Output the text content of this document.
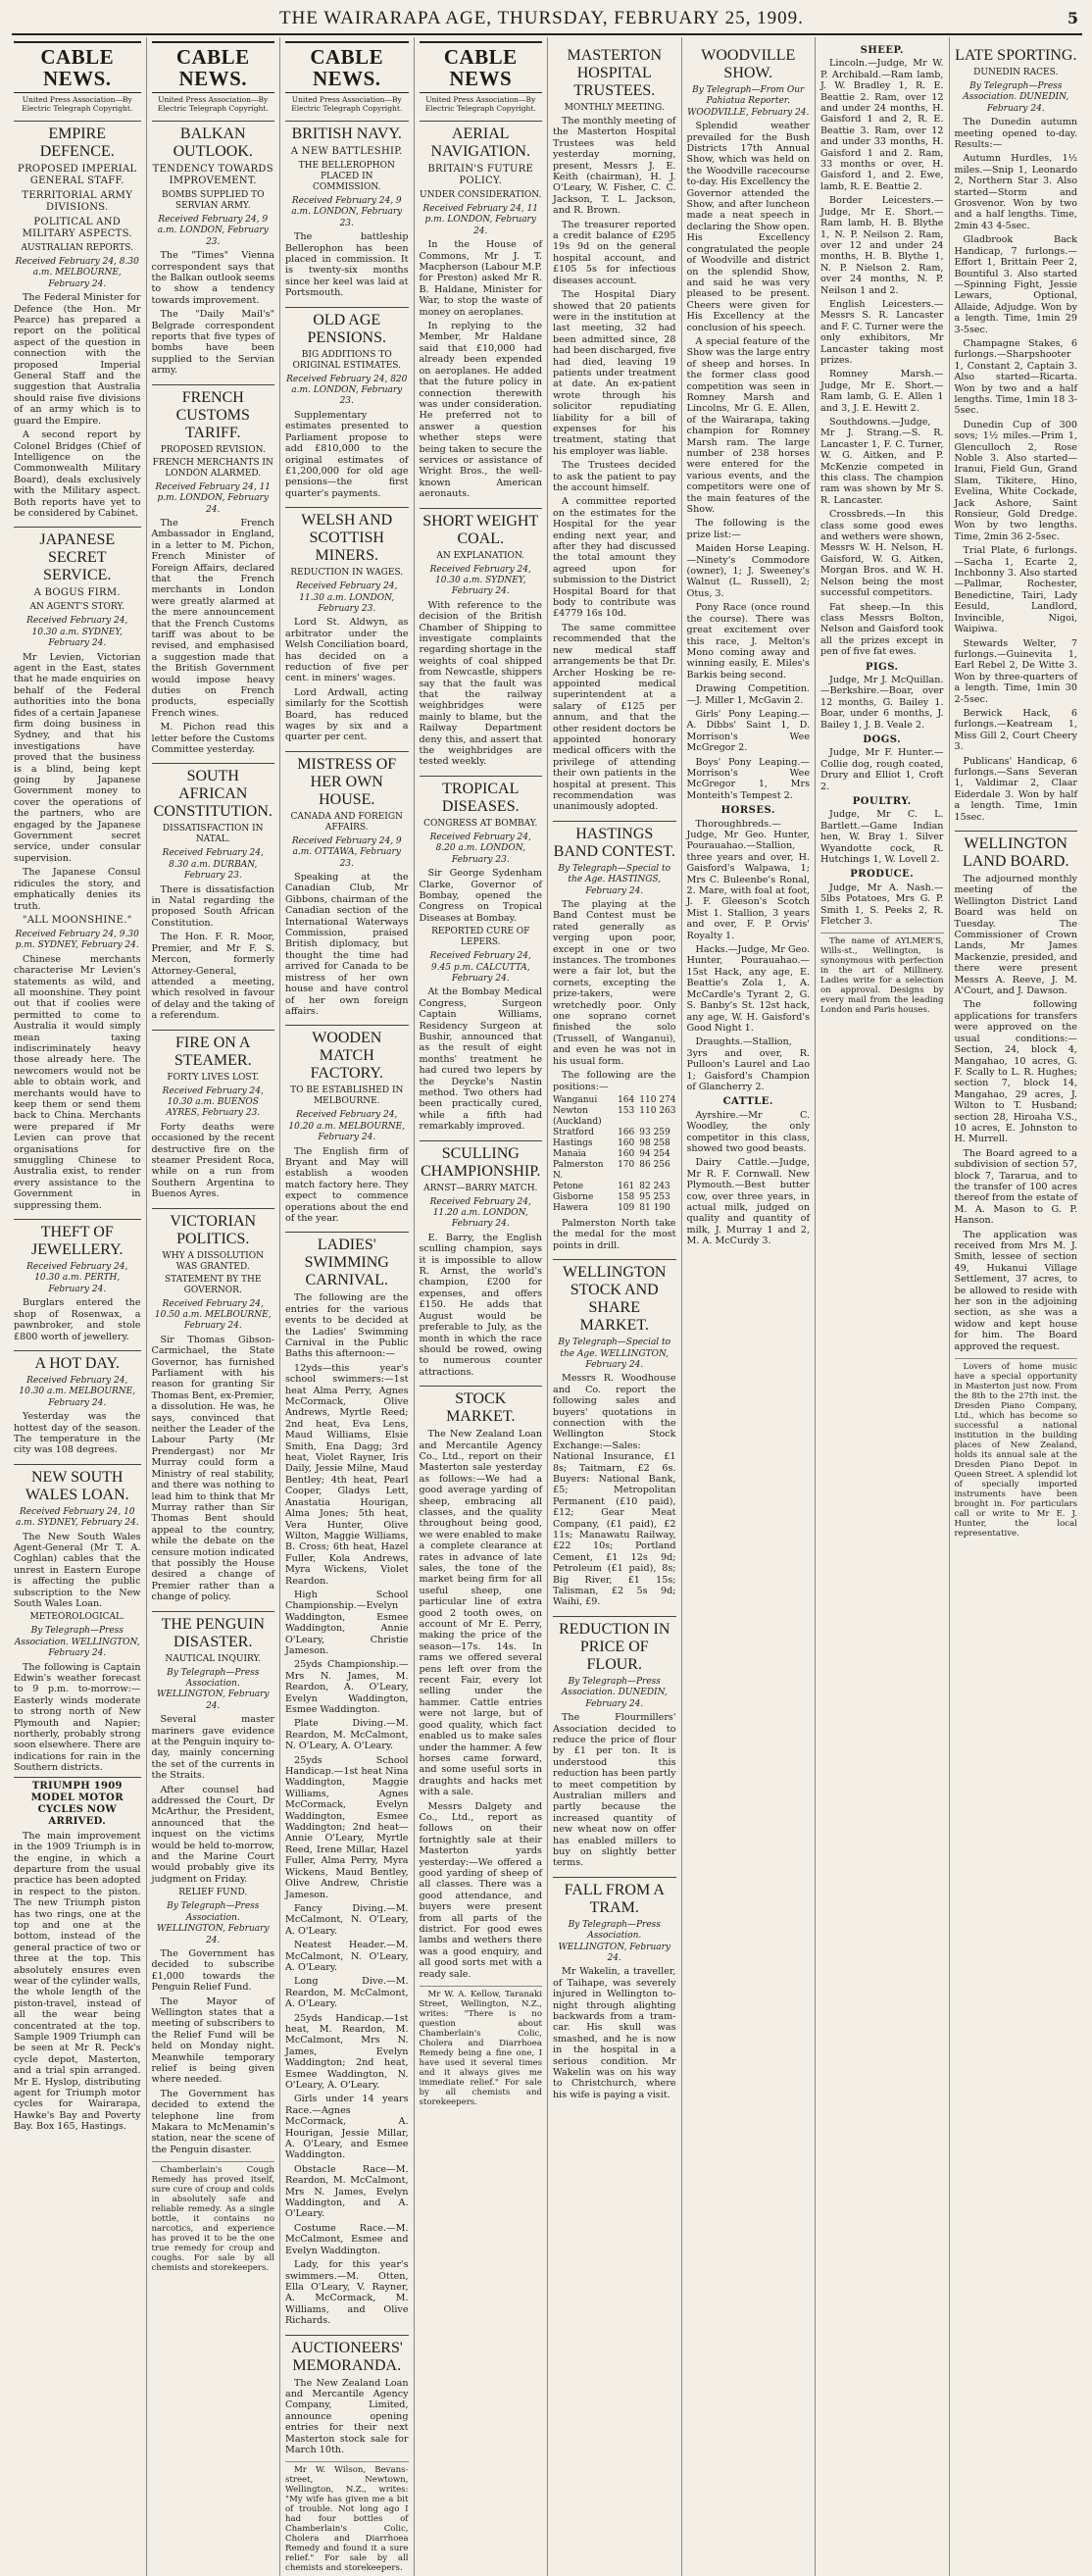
THE WAIRARAPA AGE, THURSDAY, FEBRUARY 25, 1909.	5
CABLE NEWS.
United Press Association—By Electric Telegraph Copyright.
EMPIRE DEFENCE.
PROPOSED IMPERIAL GENERAL STAFF.
TERRITORIAL ARMY DIVISIONS.
POLITICAL AND MILITARY ASPECTS.
AUSTRALIAN REPORTS.
Received February 24, 8.30 a.m. MELBOURNE, February 24.

The Federal Minister for Defence (the Hon. Mr Pearce) has prepared a report on the political aspect of the question in connection with the proposed Imperial General Staff and the suggestion that Australia should raise five divisions of an army which is to guard the Empire.

A second report by Colonel Bridges (Chief of Intelligence on the Commonwealth Military Board), deals exclusively with the Military aspect. Both reports have yet to be considered by Cabinet.

JAPANESE SECRET SERVICE.
A BOGUS FIRM.
AN AGENT'S STORY.
Received February 24, 10.30 a.m. SYDNEY, February 24.

Mr Levien, Victorian agent in the East, states that he made enquiries on behalf of the Federal authorities into the bona fides of a certain Japanese firm doing business in Sydney, and that his investigations have proved that the business is a blind, being kept going by Japanese Government money to cover the operations of the partners, who are engaged by the Japanese Government secret service, under consular supervision.

The Japanese Consul ridicules the story, and emphatically denies its truth.

"ALL MOONSHINE."
Received February 24, 9.30 p.m. SYDNEY, February 24.

Chinese merchants characterise Mr Levien's statements as wild, and all moonshine. They point out that if coolies were permitted to come to Australia it would simply mean taxing indiscriminately heavy those already here. The newcomers would not be able to obtain work, and merchants would have to keep them or send them back to China. Merchants were prepared if Mr Levien can prove that organisations for smuggling Chinese to Australia exist, to render every assistance to the Government in suppressing them.

THEFT OF JEWELLERY.
Received February 24, 10.30 a.m. PERTH, February 24.

Burglars entered the shop of Rosenwax, a pawnbroker, and stole £800 worth of jewellery.

A HOT DAY.
Received February 24, 10.30 a.m. MELBOURNE, February 24.

Yesterday was the hottest day of the season. The temperature in the city was 108 degrees.

NEW SOUTH WALES LOAN.
Received February 24, 10 a.m. SYDNEY, February 24.

The New South Wales Agent-General (Mr T. A. Coghlan) cables that the unrest in Eastern Europe is affecting the public subscription to the New South Wales Loan.

METEOROLOGICAL.
By Telegraph—Press Association. WELLINGTON, February 24.

The following is Captain Edwin's weather forecast to 9 p.m. to-morrow:—Easterly winds moderate to strong north of New Plymouth and Napier; northerly, probably strong soon elsewhere. There are indications for rain in the Southern districts.

TRIUMPH 1909 MODEL MOTOR CYCLES NOW ARRIVED.

The main improvement in the 1909 Triumph is in the engine, in which a departure from the usual practice has been adopted in respect to the piston. The new Triumph piston has two rings, one at the top and one at the bottom, instead of the general practice of two or three at the top. This absolutely ensures even wear of the cylinder walls, the whole length of the piston-travel, instead of all the wear being concentrated at the top. Sample 1909 Triumph can be seen at Mr R. Peck's cycle depot, Masterton, and a trial spin arranged. Mr E. Hyslop, distributing agent for Triumph motor cycles for Wairarapa, Hawke's Bay and Poverty Bay. Box 165, Hastings.

CABLE NEWS.
United Press Association—By Electric Telegraph Copyright.
BALKAN OUTLOOK.
TENDENCY TOWARDS IMPROVEMENT.
BOMBS SUPPLIED TO SERVIAN ARMY.
Received February 24, 9 a.m. LONDON, February 23.

The "Times" Vienna correspondent says that the Balkan outlook seems to show a tendency towards improvement.

The "Daily Mail's" Belgrade correspondent reports that five types of bombs have been supplied to the Servian army.

FRENCH CUSTOMS TARIFF.
PROPOSED REVISION.
FRENCH MERCHANTS IN LONDON ALARMED.
Received February 24, 11 p.m. LONDON, February 24.

The French Ambassador in England, in a letter to M. Pichon, French Minister of Foreign Affairs, declared that the French merchants in London were greatly alarmed at the mere announcement that the French Customs tariff was about to be revised, and emphasised a suggestion made that the British Government would impose heavy duties on French products, especially French wines.

M. Pichon read this letter before the Customs Committee yesterday.

SOUTH AFRICAN CONSTITUTION.
DISSATISFACTION IN NATAL.
Received February 24, 8.30 a.m. DURBAN, February 23.

There is dissatisfaction in Natal regarding the proposed South African Constitution.

The Hon. F. R. Moor, Premier, and Mr F. S. Mercon, formerly Attorney-General, attended a meeting, which resolved in favour of delay and the taking of a referendum.

FIRE ON A STEAMER.
FORTY LIVES LOST.
Received February 24, 10.30 a.m. BUENOS AYRES, February 23.

Forty deaths were occasioned by the recent destructive fire on the steamer President Roca, while on a run from Southern Argentina to Buenos Ayres.

VICTORIAN POLITICS.
WHY A DISSOLUTION WAS GRANTED.
STATEMENT BY THE GOVERNOR.
Received February 24, 10.50 a.m. MELBOURNE, February 24.

Sir Thomas Gibson-Carmichael, the State Governor, has furnished Parliament with his reason for granting Sir Thomas Bent, ex-Premier, a dissolution. He was, he says, convinced that neither the Leader of the Labour Party (Mr Prendergast) nor Mr Murray could form a Ministry of real stability, and there was nothing to lead him to think that Mr Murray rather than Sir Thomas Bent should appeal to the country, while the debate on the censure motion indicated that possibly the House desired a change of Premier rather than a change of policy.

THE PENGUIN DISASTER.
NAUTICAL INQUIRY.
By Telegraph—Press Association. WELLINGTON, February 24.

Several master mariners gave evidence at the Penguin inquiry to-day, mainly concerning the set of the currents in the Straits.

After counsel had addressed the Court, Dr McArthur, the President, announced that the inquest on the victims would be held to-morrow, and the Marine Court would probably give its judgment on Friday.

RELIEF FUND.
By Telegraph—Press Association. WELLINGTON, February 24.

The Government has decided to subscribe £1,000 towards the Penguin Relief Fund.

The Mayor of Wellington states that a meeting of subscribers to the Relief Fund will be held on Monday night. Meanwhile temporary relief is being given where needed.

The Government has decided to extend the telephone line from Makara to McMenamin's station, near the scene of the Penguin disaster.

Chamberlain's Cough Remedy has proved itself, sure cure of croup and colds in absolutely safe and reliable remedy. As a single bottle, it contains no narcotics, and experience has proved it to be the one true remedy for croup and coughs. For sale by all chemists and storekeepers.

CABLE NEWS.
United Press Association—By Electric Telegraph Copyright.
BRITISH NAVY.
A NEW BATTLESHIP.
THE BELLEROPHON PLACED IN COMMISSION.
Received February 24, 9 a.m. LONDON, February 23.

The battleship Bellerophon has been placed in commission. It is twenty-six months since her keel was laid at Portsmouth.

OLD AGE PENSIONS.
BIG ADDITIONS TO ORIGINAL ESTIMATES.
Received February 24, 820 a.m. LONDON, February 23.

Supplementary estimates presented to Parliament propose to add £810,000 to the original estimates of £1,200,000 for old age pensions—the first quarter's payments.

WELSH AND SCOTTISH MINERS.
REDUCTION IN WAGES.
Received February 24, 11.30 a.m. LONDON, February 23.

Lord St. Aldwyn, as arbitrator under the Welsh Conciliation board, has decided on a reduction of five per cent. in miners' wages.

Lord Ardwall, acting similarly for the Scottish Board, has reduced wages by six and a quarter per cent.

MISTRESS OF HER OWN HOUSE.
CANADA AND FOREIGN AFFAIRS.
Received February 24, 9 a.m. OTTAWA, February 23.

Speaking at the Canadian Club, Mr Gibbons, chairman of the Canadian section of the International Waterways Commission, praised British diplomacy, but thought the time had arrived for Canada to be mistress of her own house and have control of her own foreign affairs.

WOODEN MATCH FACTORY.
TO BE ESTABLISHED IN MELBOURNE.
Received February 24, 10.20 a.m. MELBOURNE, February 24.

The English firm of Bryant and May will establish a wooden match factory here. They expect to commence operations about the end of the year.

LADIES' SWIMMING CARNIVAL.

The following are the entries for the various events to be decided at the Ladies' Swimming Carnival in the Public Baths this afternoon:—

12yds—this year's school swimmers:—1st heat Alma Perry, Agnes McCormack, Olive Andrews, Myrtle Reed; 2nd heat, Eva Lens, Maud Williams, Elsie Smith, Ena Dagg; 3rd heat, Violet Rayner, Iris Daily, Jessie Milne, Maud Bentley; 4th heat, Pearl Cooper, Gladys Lett, Anastatia Hourigan, Alma Jones; 5th heat, Vera Hunter, Olive Wilton, Maggie Williams, B. Cross; 6th heat, Hazel Fuller, Kola Andrews, Myra Wickens, Violet Reardon.

High School Championship.—Evelyn Waddington, Esmee Waddington, Annie O'Leary, Christie Jameson.

25yds Championship.—Mrs N. James, M. Reardon, A. O'Leary, Evelyn Waddington, Esmee Waddington.

Plate Diving.—M. Reardon, M. McCalmont, N. O'Leary, A. O'Leary.

25yds School Handicap.—1st heat Nina Waddington, Maggie Williams, Agnes McCormack, Evelyn Waddington, Esmee Waddington; 2nd heat—Annie O'Leary, Myrtle Reed, Irene Millar, Hazel Fuller, Alma Perry, Myra Wickens, Maud Bentley, Olive Andrew, Christie Jameson.

Fancy Diving.—M. McCalmont, N. O'Leary, A. O'Leary.

Neatest Header.—M. McCalmont, N. O'Leary, A. O'Leary.

Long Dive.—M. Reardon, M. McCalmont, A. O'Leary.

25yds Handicap.—1st heat, M. Reardon, M. McCalmont, Mrs N. James, Evelyn Waddington; 2nd heat, Esmee Waddington, N. O'Leary, A. O'Leary.

Girls under 14 years Race.—Agnes McCormack, A. Hourigan, Jessie Millar, A. O'Leary, and Esmee Waddington.

Obstacle Race—M. Reardon, M. McCalmont, Mrs N. James, Evelyn Waddington, and A. O'Leary.

Costume Race.—M. McCalmont, Esmee and Evelyn Waddington.

Lady, for this year's swimmers.—M. Otten, Ella O'Leary, V. Rayner, A. McCormack, M. Williams, and Olive Richards.

AUCTIONEERS' MEMORANDA.

The New Zealand Loan and Mercantile Agency Company, Limited, announce opening entries for their next Masterton stock sale for March 10th.

Mr W. Wilson, Bevans-street, Newtown, Wellington, N.Z., writes: "My wife has given me a bit of trouble. Not long ago I had four bottles of Chamberlain's Colic, Cholera and Diarrhoea Remedy and found it a sure relief." For sale by all chemists and storekeepers.

CABLE NEWS
United Press Association—By Electric Telegraph Copyright.
AERIAL NAVIGATION.
BRITAIN'S FUTURE POLICY.
UNDER CONSIDERATION.
Received February 24, 11 p.m. LONDON, February 24.

In the House of Commons, Mr J. T. Macpherson (Labour M.P. for Preston) asked Mr R. B. Haldane, Minister for War, to stop the waste of money on aeroplanes.

In replying to the Member, Mr Haldane said that £10,000 had already been expended on aeroplanes. He added that the future policy in connection therewith was under consideration. He preferred not to answer a question whether steps were being taken to secure the services or assistance of Wright Bros., the well-known American aeronauts.

SHORT WEIGHT COAL.
AN EXPLANATION.
Received February 24, 10.30 a.m. SYDNEY, February 24.

With reference to the decision of the British Chamber of Shipping to investigate complaints regarding shortage in the weights of coal shipped from Newcastle, shippers say that the fault was that the railway weighbridges were mainly to blame, but the Railway Department deny this, and assert that the weighbridges are tested weekly.

TROPICAL DISEASES.
CONGRESS AT BOMBAY.
Received February 24, 8.20 a.m. LONDON, February 23.

Sir George Sydenham Clarke, Governor of Bombay, opened the Congress on Tropical Diseases at Bombay.

REPORTED CURE OF LEPERS.
Received February 24, 9.45 p.m. CALCUTTA, February 24.

At the Bombay Medical Congress, Surgeon Captain Williams, Residency Surgeon at Bushir, announced that as the result of eight months' treatment he had cured two lepers by the Deycke's Nastin method. Two others had been practically cured, while a fifth had remarkably improved.

SCULLING CHAMPIONSHIP.
ARNST—BARRY MATCH.
Received February 24, 11.20 a.m. LONDON, February 24.

E. Barry, the English sculling champion, says it is impossible to allow R. Arnst, the world's champion, £200 for expenses, and offers £150. He adds that August would be preferable to July, as the month in which the race should be rowed, owing to numerous counter attractions.

STOCK MARKET.

The New Zealand Loan and Mercantile Agency Co., Ltd., report on their Masterton sale yesterday as follows:—We had a good average yarding of sheep, embracing all classes, and the quality throughout being good, we were enabled to make a complete clearance at rates in advance of late sales, the tone of the market being firm for all useful sheep, one particular line of extra good 2 tooth owes, on account of Mr E. Perry, making the price of the season—17s. 14s. In rams we offered several pens left over from the recent Fair, every lot selling under the hammer. Cattle entries were not large, but of good quality, which fact enabled us to make sales under the hammer. A few horses came forward, and some useful sorts in draughts and hacks met with a sale.

Messrs Dalgety and Co., Ltd., report as follows on their fortnightly sale at their Masterton yards yesterday:—We offered a good yarding of sheep of all classes. There was a good attendance, and buyers were present from all parts of the district. For good ewes lambs and wethers there was a good enquiry, and all good sorts met with a ready sale.

Mr W. A. Kellow, Taranaki Street, Wellington, N.Z., writes: "There is no question about Chamberlain's Colic, Cholera and Diarrhoea Remedy being a fine one, I have used it several times and it always gives me immediate relief." For sale by all chemists and storekeepers.

MASTERTON HOSPITAL TRUSTEES.
MONTHLY MEETING.

The monthly meeting of the Masterton Hospital Trustees was held yesterday morning, present, Messrs J. E. Keith (chairman), H. J. O'Leary, W. Fisher, C. C. Jackson, T. L. Jackson, and R. Brown.

The treasurer reported a credit balance of £295 19s 9d on the general hospital account, and £105 5s for infectious diseases account.

The Hospital Diary showed that 20 patients were in the institution at last meeting, 32 had been admitted since, 28 had been discharged, five had died, leaving 19 patients under treatment at date. An ex-patient wrote through his solicitor repudiating liability for a bill of expenses for his treatment, stating that his employer was liable.

The Trustees decided to ask the patient to pay the account himself.

A committee reported on the estimates for the Hospital for the year ending next year, and after they had discussed the total amount they agreed upon for submission to the District Hospital Board for that body to contribute was £4779 16s 10d.

The same committee recommended that the new medical staff arrangements be that Dr. Archer Hosking be re-appointed medical superintendent at a salary of £125 per annum, and that the other resident doctors be appointed honorary medical officers with the privilege of attending their own patients in the hospital at present. This recommendation was unanimously adopted.

HASTINGS BAND CONTEST.
By Telegraph—Special to the Age. HASTINGS, February 24.

The playing at the Band Contest must be rated generally as verging upon poor, except in one or two instances. The trombones were a fair lot, but the cornets, excepting the prize-takers, were wretchedly poor. Only one soprano cornet finished the solo (Trussell, of Wanganui), and even he was not in his usual form.

The following are the positions:—

Wanganui	164 110 274
Newton (Auckland)
153 110 263
Stratford	166 93 259
Hastings	160 98 258
Manaia	160 94 254
Palmerston N.
170 86 256
Petone	161 82 243
Gisborne	158 95 253
Hawera	109 81 190

Palmerston North take the medal for the most points in drill.

WELLINGTON STOCK AND SHARE MARKET.
By Telegraph—Special to the Age. WELLINGTON, February 24.

Messrs R. Woodhouse and Co. report the following sales and buyers' quotations in connection with the Wellington Stock Exchange:—Sales: National Insurance, £1 8s; Taitmarn, £2 6s. Buyers: National Bank, £5; Metropolitan Permanent (£10 paid), £12; Gear Meat Company, (£1 paid), £2 11s; Manawatu Railway, £22 10s; Portland Cement, £1 12s 9d; Petroleum (£1 paid), 8s; Big River, £1 15s; Talisman, £2 5s 9d; Waihi, £9.

REDUCTION IN PRICE OF FLOUR.
By Telegraph—Press Association. DUNEDIN, February 24.

The Flourmillers' Association decided to reduce the price of flour by £1 per ton. It is understood this reduction has been partly to meet competition by Australian millers and partly because the increased quantity of new wheat now on offer has enabled millers to buy on slightly better terms.

FALL FROM A TRAM.
By Telegraph—Press Association. WELLINGTON, February 24.

Mr Wakelin, a traveller, of Taihape, was severely injured in Wellington to-night through alighting backwards from a tram-car. His skull was smashed, and he is now in the hospital in a serious condition. Mr Wakelin was on his way to Christchurch, where his wife is paying a visit.

WOODVILLE SHOW.
By Telegraph—From Our Pahiatua Reporter. WOODVILLE, February 24.

Splendid weather prevailed for the Bush Districts 17th Annual Show, which was held on the Woodville racecourse to-day. His Excellency the Governor attended the Show, and after luncheon made a neat speech in declaring the Show open. His Excellency congratulated the people of Woodville and district on the splendid Show, and said he was very pleased to be present. Cheers were given for His Excellency at the conclusion of his speech.

A special feature of the Show was the large entry of sheep and horses. In the former class good competition was seen in Romney Marsh and Lincolns, Mr G. E. Allen, of the Wairarapa, taking champion for Romney Marsh ram. The large number of 238 horses were entered for the various events, and the competitors were one of the main features of the Show.

The following is the prize list:—

Maiden Horse Leaping.—Ninety's Commodore (owner), 1; J. Sweeney's Walnut (L. Russell), 2; Otus, 3.

Pony Race (once round the course). There was great excitement over this race, J. Melton's Mono coming away and winning easily, E. Miles's Barkis being second.

Drawing Competition.—J. Miller 1, McGavin 2.

Girls' Pony Leaping.—A. Dibbs' Saint 1, D. Morrison's Wee McGregor 2.

Boys' Pony Leaping.—Morrison's Wee McGregor 1, Mrs Monteith's Tempest 2.

HORSES.

Thoroughbreds.—Judge, Mr Geo. Hunter, Pourauahao.—Stallion, three years and over, H. Gaisford's Walpawa, 1; Mrs C. Buleenbe's Ronal, 2. Mare, with foal at foot, J. F. Gleeson's Scotch Mist 1. Stallion, 3 years and over, F. P. Orvis' Royalty 1.

Hacks.—Judge, Mr Geo. Hunter, Pourauahao.—15st Hack, any age, E. Beattie's Zola 1, A. McCardle's Tyrant 2, G. S. Banby's St. 12st hack, any age, W. H. Gaisford's Good Night 1.

Draughts.—Stallion, 3yrs and over, R. Pulloon's Laurel and Lao 1; Gaisford's Champion of Glancherry 2.

CATTLE.

Ayrshire.—Mr C. Woodley, the only competitor in this class, showed two good beasts.

Dairy Cattle.—Judge, Mr R. F. Cornwall. New Plymouth.—Best butter cow, over three years, in actual milk, judged on quality and quantity of milk, J. Murray 1 and 2, M. A. McCurdy 3.

SHEEP.

Lincoln.—Judge, Mr W. P. Archibald.—Ram lamb, J. W. Bradley 1, R. E. Beattie 2. Ram, over 12 and under 24 months, H. Gaisford 1 and 2, R. E. Beattie 3. Ram, over 12 and under 33 months, H. Gaisford 1 and 2. Ram, 33 months or over, H. Gaisford 1, and 2. Ewe, lamb, R. E. Beattie 2.

Border Leicesters.—Judge, Mr E. Short.—Ram lamb, H. B. Blythe 1, N. P. Neilson 2. Ram, over 12 and under 24 months, H. B. Blythe 1, N. P. Nielson 2. Ram, over 24 months, N. P. Neilson 1 and 2.

English Leicesters.—Messrs S. R. Lancaster and F. C. Turner were the only exhibitors, Mr Lancaster taking most prizes.

Romney Marsh.—Judge, Mr E. Short.—Ram lamb, G. E. Allen 1 and 3, J. E. Hewitt 2.

Southdowns.—Judge, Mr J. Strang.—S. R. Lancaster 1, F. C. Turner, W. G. Aitken, and P. McKenzie competed in this class. The champion ram was shown by Mr S. R. Lancaster.

Crossbreds.—In this class some good ewes and wethers were shown, Messrs W. H. Nelson, H. Gaisford, W. G. Aitken, Morgan Bros. and W. H. Nelson being the most successful competitors.

Fat sheep.—In this class Messrs Bolton, Nelson and Gaisford took all the prizes except in pen of five fat ewes.

PIGS.

Judge, Mr J. McQuillan.—Berkshire.—Boar, over 12 months, G. Bailey 1. Boar, under 6 months, J. Bailey 1, J. B. Veale 2.

DOGS.

Judge, Mr F. Hunter.—Collie dog, rough coated, Drury and Elliot 1, Croft 2.

POULTRY.

Judge, Mr C. L. Bartlett.—Game Indian hen, W. Bray 1. Silver Wyandotte cock, R. Hutchings 1, W. Lovell 2.

PRODUCE.

Judge, Mr A. Nash.—5lbs Potatoes, Mrs G. P. Smith 1, S. Peeks 2, R. Fletcher 3.

The name of AYLMER'S, Wills-st., Wellington, is synonymous with perfection in the art of Millinery. Ladies write for a selection on approval. Designs by every mail from the leading London and Paris houses.

LATE SPORTING.
DUNEDIN RACES.
By Telegraph—Press Association. DUNEDIN, February 24.

The Dunedin autumn meeting opened to-day. Results:—

Autumn Hurdles, 1½ miles.—Snip 1, Leonardo 2, Northern Star 3. Also started—Storm and Grosvenor. Won by two and a half lengths. Time, 2min 43 4-5sec.

Gladbrook Back Handicap, 7 furlongs.—Effort 1, Brittain Peer 2, Bountiful 3. Also started—Spinning Fight, Jessie Lewars, Optional, Allaide, Adjudge. Won by a length. Time, 1min 29 3-5sec.

Champagne Stakes, 6 furlongs.—Sharpshooter 1, Constant 2, Captain 3. Also started—Ricarta. Won by two and a half lengths. Time, 1min 18 3-5sec.

Dunedin Cup of 300 sovs; 1½ miles.—Prim 1, Glenculloch 2, Rose Noble 3. Also started—Iranui, Field Gun, Grand Slam, Tikitere, Hino, Evelina, White Cockade, Jack Ashore, Saint Ronsieur, Gold Dredge. Won by two lengths. Time, 2min 36 2-5sec.

Trial Plate, 6 furlongs.—Sacha 1, Ecarte 2, Inchbonny 3. Also started—Pallmar, Rochester, Benedictine, Tairi, Lady Eesuld, Landlord, Invincible, Nigoi, Waipiwa.

Stewards Welter, 7 furlongs.—Guinevita 1, Earl Rebel 2, De Witte 3. Won by three-quarters of a length. Time, 1min 30 2-5sec.

Berwick Hack, 6 furlongs.—Keatream 1, Miss Gill 2, Court Cheery 3.

Publicans' Handicap, 6 furlongs.—Sans Severan 1, Valdimar 2, Claar Eiderdale 3. Won by half a length. Time, 1min 15sec.

WELLINGTON LAND BOARD.

The adjourned monthly meeting of the Wellington District Land Board was held on Tuesday. The Commissioner of Crown Lands, Mr James Mackenzie, presided, and there were present Messrs A. Reeve, J. M. A'Court, and J. Dawson.

The following applications for transfers were approved on the usual conditions:—Section, 24, block 4, Mangahao, 10 acres, G. F. Scally to L. R. Hughes; section 7, block 14, Mangahao, 29 acres, J. Wilton to T. Husband; section 28, Hiroaha V.S., 10 acres, E. Johnston to H. Murrell.

The Board agreed to a subdivision of section 57, block 7, Tararua, and to the transfer of 100 acres thereof from the estate of M. A. Mason to G. P. Hanson.

The application was received from Mrs M. J. Smith, lessee of section 49, Hukanui Village Settlement, 37 acres, to be allowed to reside with her son in the adjoining section, as she was a widow and kept house for him. The Board approved the request.

Lovers of home music have a special opportunity in Masterton just now. From the 8th to the 27th inst. the Dresden Piano Company, Ltd., which has become so successful a national institution in the building places of New Zealand, holds its annual sale at the Dresden Piano Depot in Queen Street. A splendid lot of specially imported instruments have been brought in. For particulars call or write to Mr E. J. Hunter, the local representative.
